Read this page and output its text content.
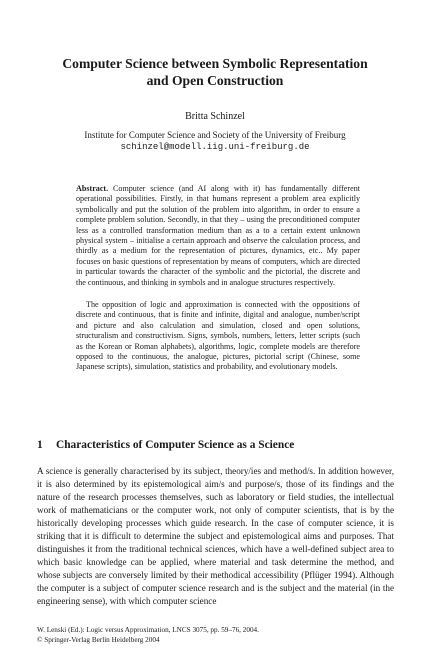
Computer Science between Symbolic Representation
and Open Construction
Britta Schinzel
Institute for Computer Science and Society of the University of Freiburg
schinzel@modell.iig.uni-freiburg.de

Abstract. Computer science (and AI along with it) has fundamentally different operational possibilities. Firstly, in that humans represent a problem area explicitly symbolically and put the solution of the problem into algorithm, in order to ensure a complete problem solution. Secondly, in that they – using the preconditioned computer less as a controlled transformation medium than as a to a certain extent unknown physical system – initialise a certain approach and observe the calculation process, and thirdly as a medium for the representation of pictures, dynamics, etc.. My paper focuses on basic questions of representation by means of computers, which are directed in particular towards the character of the symbolic and the pictorial, the discrete and the continuous, and thinking in symbols and in analogue structures respectively.

The opposition of logic and approximation is connected with the oppositions of discrete and continuous, that is finite and infinite, digital and analogue, number/script and picture and also calculation and simulation, closed and open solutions, structuralism and constructivism. Signs, symbols, numbers, letters, letter scripts (such as the Korean or Roman alphabets), algorithms, logic, complete models are therefore opposed to the continuous, the analogue, pictures, pictorial script (Chinese, some Japanese scripts), simulation, statistics and probability, and evolutionary models.

1 Characteristics of Computer Science as a Science

A science is generally characterised by its subject, theory/ies and method/s. In addition however, it is also determined by its epistemological aim/s and purpose/s, those of its findings and the nature of the research processes themselves, such as laboratory or field studies, the intellectual work of mathematicians or the computer work, not only of computer scientists, that is by the historically developing processes which guide research. In the case of computer science, it is striking that it is difficult to determine the subject and epistemological aims and purposes. That distinguishes it from the traditional technical sciences, which have a well-defined subject area to which basic knowledge can be applied, where material and task determine the method, and whose subjects are conversely limited by their methodical accessibility (Pflüger 1994). Although the computer is a subject of computer science research and is the subject and the material (in the engineering sense), with which computer science

W. Lenski (Ed.): Logic versus Approximation, LNCS 3075, pp. 59–76, 2004.
© Springer-Verlag Berlin Heidelberg 2004
